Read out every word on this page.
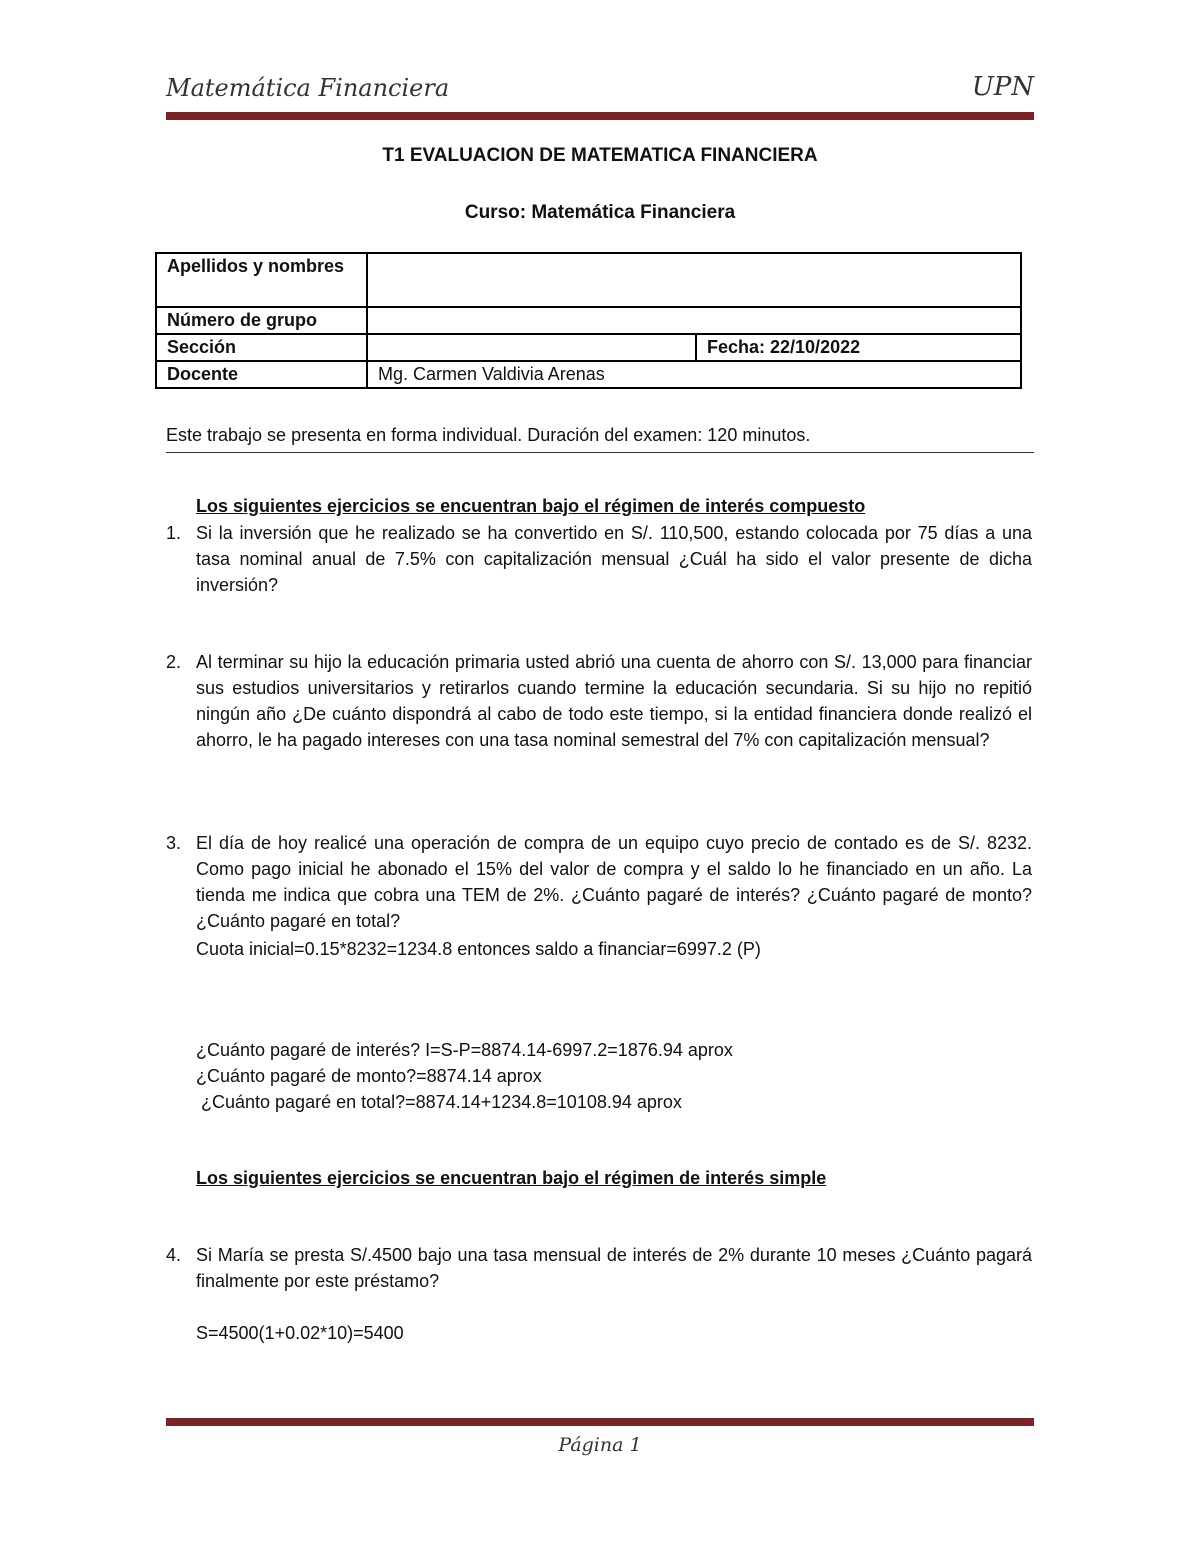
Matemática Financiera	UPN
T1 EVALUACION DE MATEMATICA FINANCIERA
Curso: Matemática Financiera
Apellidos y nombres		
Número de grupo		
Sección		Fecha: 22/10/2022
Docente	Mg. Carmen Valdivia Arenas	
Este trabajo se presenta en forma individual. Duración del examen: 120 minutos.
Los siguientes ejercicios se encuentran bajo el régimen de interés compuesto
1. Si la inversión que he realizado se ha convertido en S/. 110,500, estando colocada por 75 días a una tasa nominal anual de 7.5% con capitalización mensual ¿Cuál ha sido el valor presente de dicha inversión?
2. Al terminar su hijo la educación primaria usted abrió una cuenta de ahorro con S/. 13,000 para financiar sus estudios universitarios y retirarlos cuando termine la educación secundaria. Si su hijo no repitió ningún año ¿De cuánto dispondrá al cabo de todo este tiempo, si la entidad financiera donde realizó el ahorro, le ha pagado intereses con una tasa nominal semestral del 7% con capitalización mensual?
3. El día de hoy realicé una operación de compra de un equipo cuyo precio de contado es de S/. 8232. Como pago inicial he abonado el 15% del valor de compra y el saldo lo he financiado en un año. La tienda me indica que cobra una TEM de 2%. ¿Cuánto pagaré de interés? ¿Cuánto pagaré de monto? ¿Cuánto pagaré en total?
Cuota inicial=0.15*8232=1234.8 entonces saldo a financiar=6997.2 (P)
¿Cuánto pagaré de interés? I=S-P=8874.14-6997.2=1876.94 aprox
¿Cuánto pagaré de monto?=8874.14 aprox
¿Cuánto pagaré en total?=8874.14+1234.8=10108.94 aprox
Los siguientes ejercicios se encuentran bajo el régimen de interés simple
4. Si María se presta S/.4500 bajo una tasa mensual de interés de 2% durante 10 meses ¿Cuánto pagará finalmente por este préstamo?
S=4500(1+0.02*10)=5400
Página 1
